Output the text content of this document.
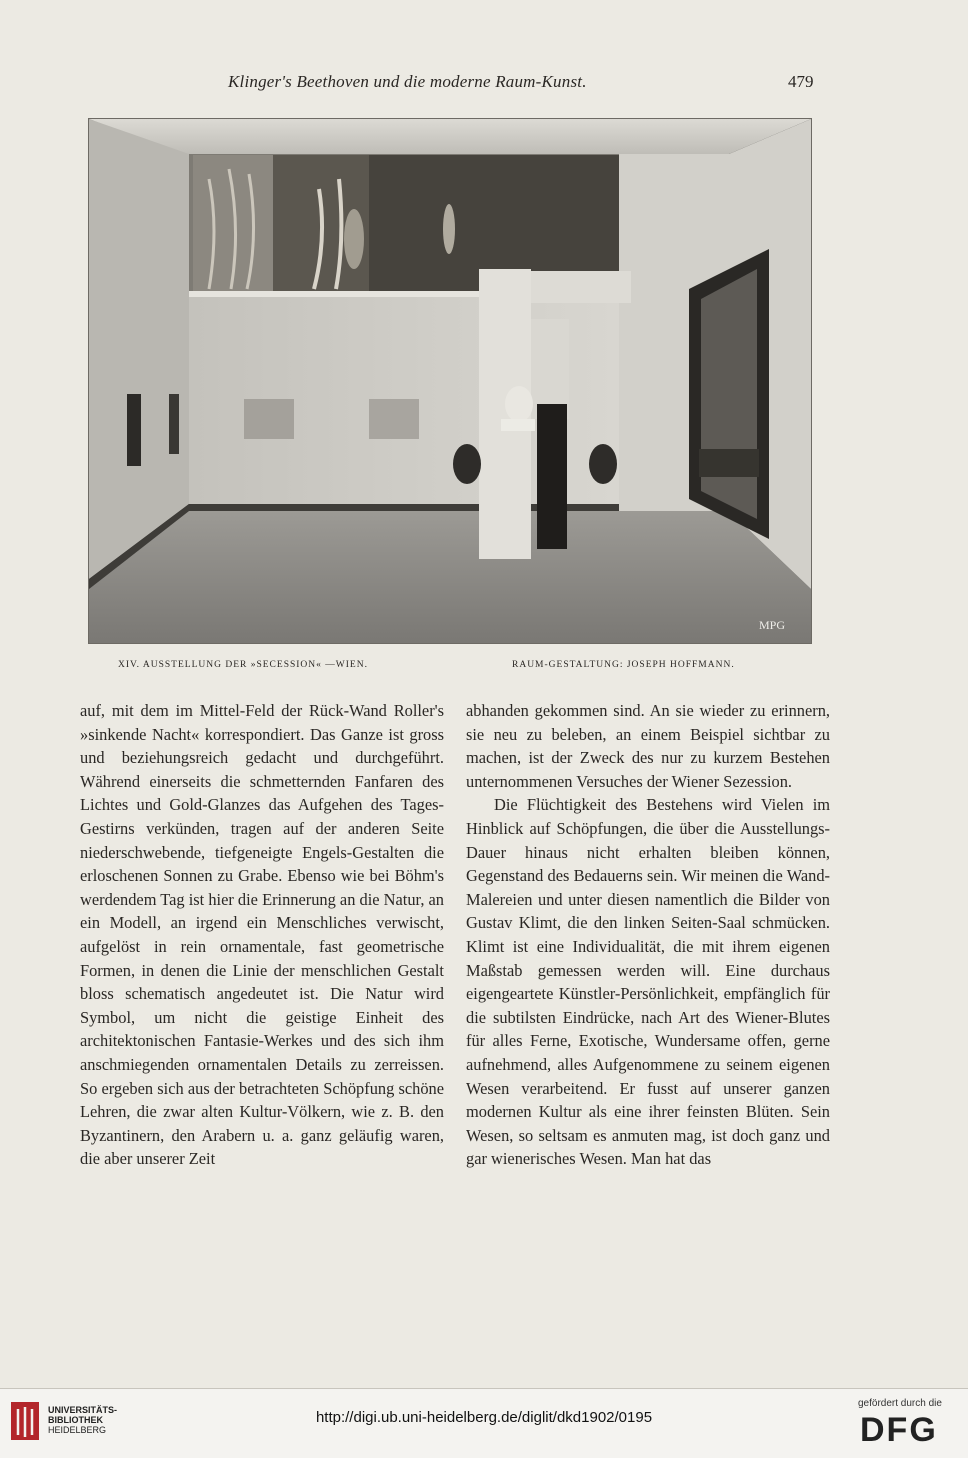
Klinger's Beethoven und die moderne Raum-Kunst.	479
MPG
XIV. AUSSTELLUNG DER »SECESSION« —WIEN.	RAUM-GESTALTUNG: JOSEPH HOFFMANN.

auf, mit dem im Mittel-Feld der Rück-Wand Roller's »sinkende Nacht« korrespondiert. Das Ganze ist gross und beziehungsreich gedacht und durchgeführt. Während einerseits die schmetternden Fanfaren des Lichtes und Gold-Glanzes das Aufgehen des Tages-Gestirns verkünden, tragen auf der anderen Seite niederschwebende, tiefgeneigte Engels-Gestalten die erloschenen Sonnen zu Grabe. Ebenso wie bei Böhm's werdendem Tag ist hier die Erinnerung an die Natur, an ein Modell, an irgend ein Menschliches verwischt, aufgelöst in rein ornamentale, fast geometrische Formen, in denen die Linie der menschlichen Gestalt bloss schematisch angedeutet ist. Die Natur wird Symbol, um nicht die geistige Einheit des architektonischen Fantasie-Werkes und des sich ihm anschmiegenden ornamentalen Details zu zerreissen. So ergeben sich aus der betrachteten Schöpfung schöne Lehren, die zwar alten Kultur-Völkern, wie z. B. den Byzantinern, den Arabern u. a. ganz geläufig waren, die aber unserer Zeit

abhanden gekommen sind. An sie wieder zu erinnern, sie neu zu beleben, an einem Beispiel sichtbar zu machen, ist der Zweck des nur zu kurzem Bestehen unternommenen Versuches der Wiener Sezession.

Die Flüchtigkeit des Bestehens wird Vielen im Hinblick auf Schöpfungen, die über die Ausstellungs-Dauer hinaus nicht erhalten bleiben können, Gegenstand des Bedauerns sein. Wir meinen die Wand-Malereien und unter diesen namentlich die Bilder von Gustav Klimt, die den linken Seiten-Saal schmücken. Klimt ist eine Individualität, die mit ihrem eigenen Maßstab gemessen werden will. Eine durchaus eigengeartete Künstler-Persönlichkeit, empfänglich für die subtilsten Eindrücke, nach Art des Wiener-Blutes für alles Ferne, Exotische, Wundersame offen, gerne aufnehmend, alles Aufgenommene zu seinem eigenen Wesen verarbeitend. Er fusst auf unserer ganzen modernen Kultur als eine ihrer feinsten Blüten. Sein Wesen, so seltsam es anmuten mag, ist doch ganz und gar wienerisches Wesen. Man hat das

UNIVERSITÄTS-
BIBLIOTHEK
HEIDELBERG
http://digi.ub.uni-heidelberg.de/diglit/dkd1902/0195
gefördert durch die
DFG
